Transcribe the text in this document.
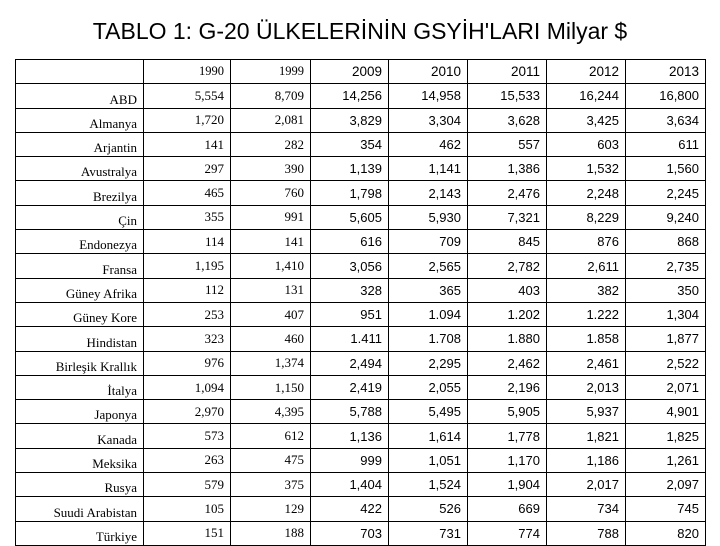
TABLO 1: G-20 ÜLKELERİNİN GSYİH'LARI Milyar $
	1990	1999	2009	2010	2011	2012	2013
ABD	5,554	8,709	14,256	14,958	15,533	16,244	16,800
Almanya	1,720	2,081	3,829	3,304	3,628	3,425	3,634
Arjantin	141	282	354	462	557	603	611
Avustralya	297	390	1,139	1,141	1,386	1,532	1,560
Brezilya	465	760	1,798	2,143	2,476	2,248	2,245
Çin	355	991	5,605	5,930	7,321	8,229	9,240
Endonezya	114	141	616	709	845	876	868
Fransa	1,195	1,410	3,056	2,565	2,782	2,611	2,735
Güney Afrika	112	131	328	365	403	382	350
Güney Kore	253	407	951	1.094	1.202	1.222	1,304
Hindistan	323	460	1.411	1.708	1.880	1.858	1,877
Birleşik Krallık	976	1,374	2,494	2,295	2,462	2,461	2,522
İtalya	1,094	1,150	2,419	2,055	2,196	2,013	2,071
Japonya	2,970	4,395	5,788	5,495	5,905	5,937	4,901
Kanada	573	612	1,136	1,614	1,778	1,821	1,825
Meksika	263	475	999	1,051	1,170	1,186	1,261
Rusya	579	375	1,404	1,524	1,904	2,017	2,097
Suudi Arabistan	105	129	422	526	669	734	745
Türkiye	151	188	703	731	774	788	820
